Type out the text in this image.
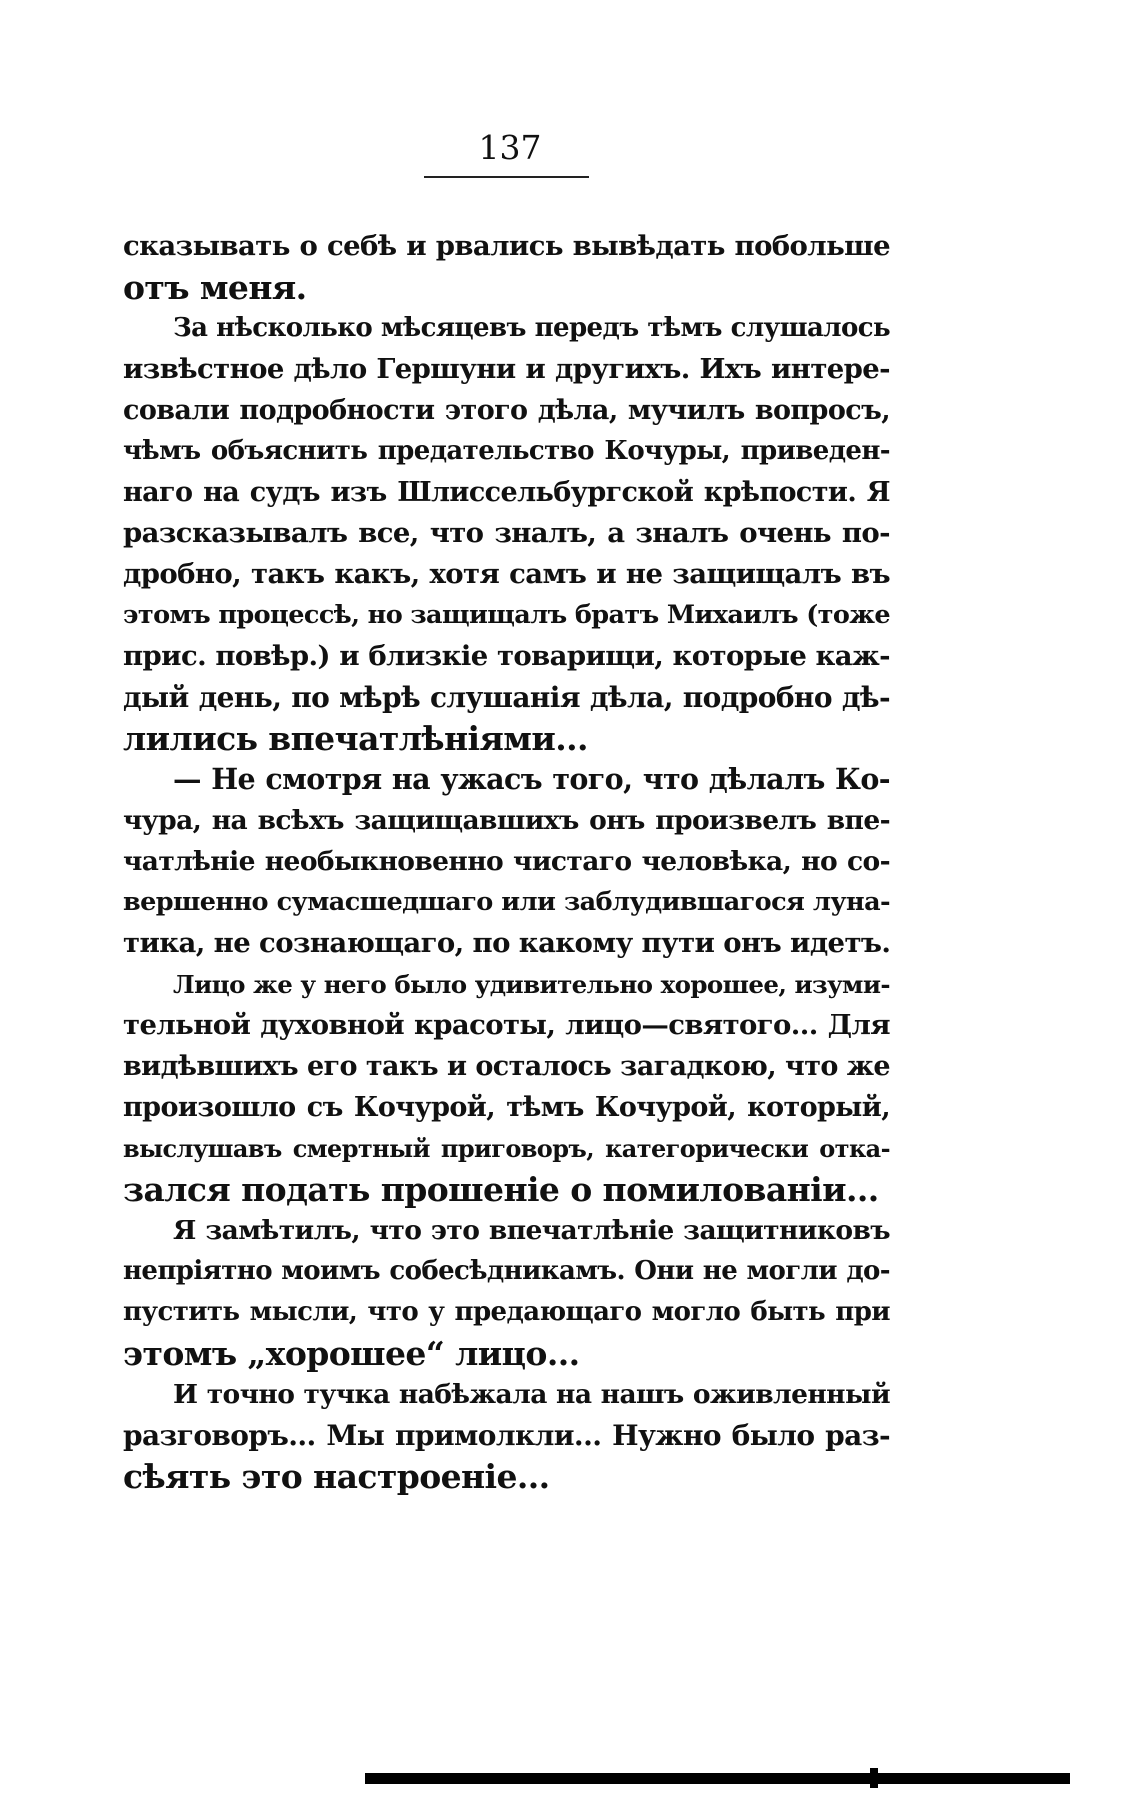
137
сказывать о себѣ и рвались вывѣдать побольше
отъ меня.
За нѣсколько мѣсяцевъ передъ тѣмъ слушалось
извѣстное дѣло Гершуни и другихъ. Ихъ интере-
совали подробности этого дѣла, мучилъ вопросъ,
чѣмъ объяснить предательство Кочуры, приведен-
наго на судъ изъ Шлиссельбургской крѣпости. Я
разсказывалъ все, что зналъ, а зналъ очень по-
дробно, такъ какъ, хотя самъ и не защищалъ въ
этомъ процессѣ, но защищалъ братъ Михаилъ (тоже
прис. повѣр.) и близкіе товарищи, которые каж-
дый день, по мѣрѣ слушанія дѣла, подробно дѣ-
лились впечатлѣніями...
— Не смотря на ужасъ того, что дѣлалъ Ко-
чура, на всѣхъ защищавшихъ онъ произвелъ впе-
чатлѣніе необыкновенно чистаго человѣка, но со-
вершенно сумасшедшаго или заблудившагося луна-
тика, не сознающаго, по какому пути онъ идетъ.
Лицо же у него было удивительно хорошее, изуми-
тельной духовной красоты, лицо—святого... Для
видѣвшихъ его такъ и осталось загадкою, что же
произошло съ Кочурой, тѣмъ Кочурой, который,
выслушавъ смертный приговоръ, категорически отка-
зался подать прошеніе о помилованіи...
Я замѣтилъ, что это впечатлѣніе защитниковъ
непріятно моимъ собесѣдникамъ. Они не могли до-
пустить мысли, что у предающаго могло быть при
этомъ „хорошее“ лицо...
И точно тучка набѣжала на нашъ оживленный
разговоръ... Мы примолкли... Нужно было раз-
сѣять это настроеніе...
